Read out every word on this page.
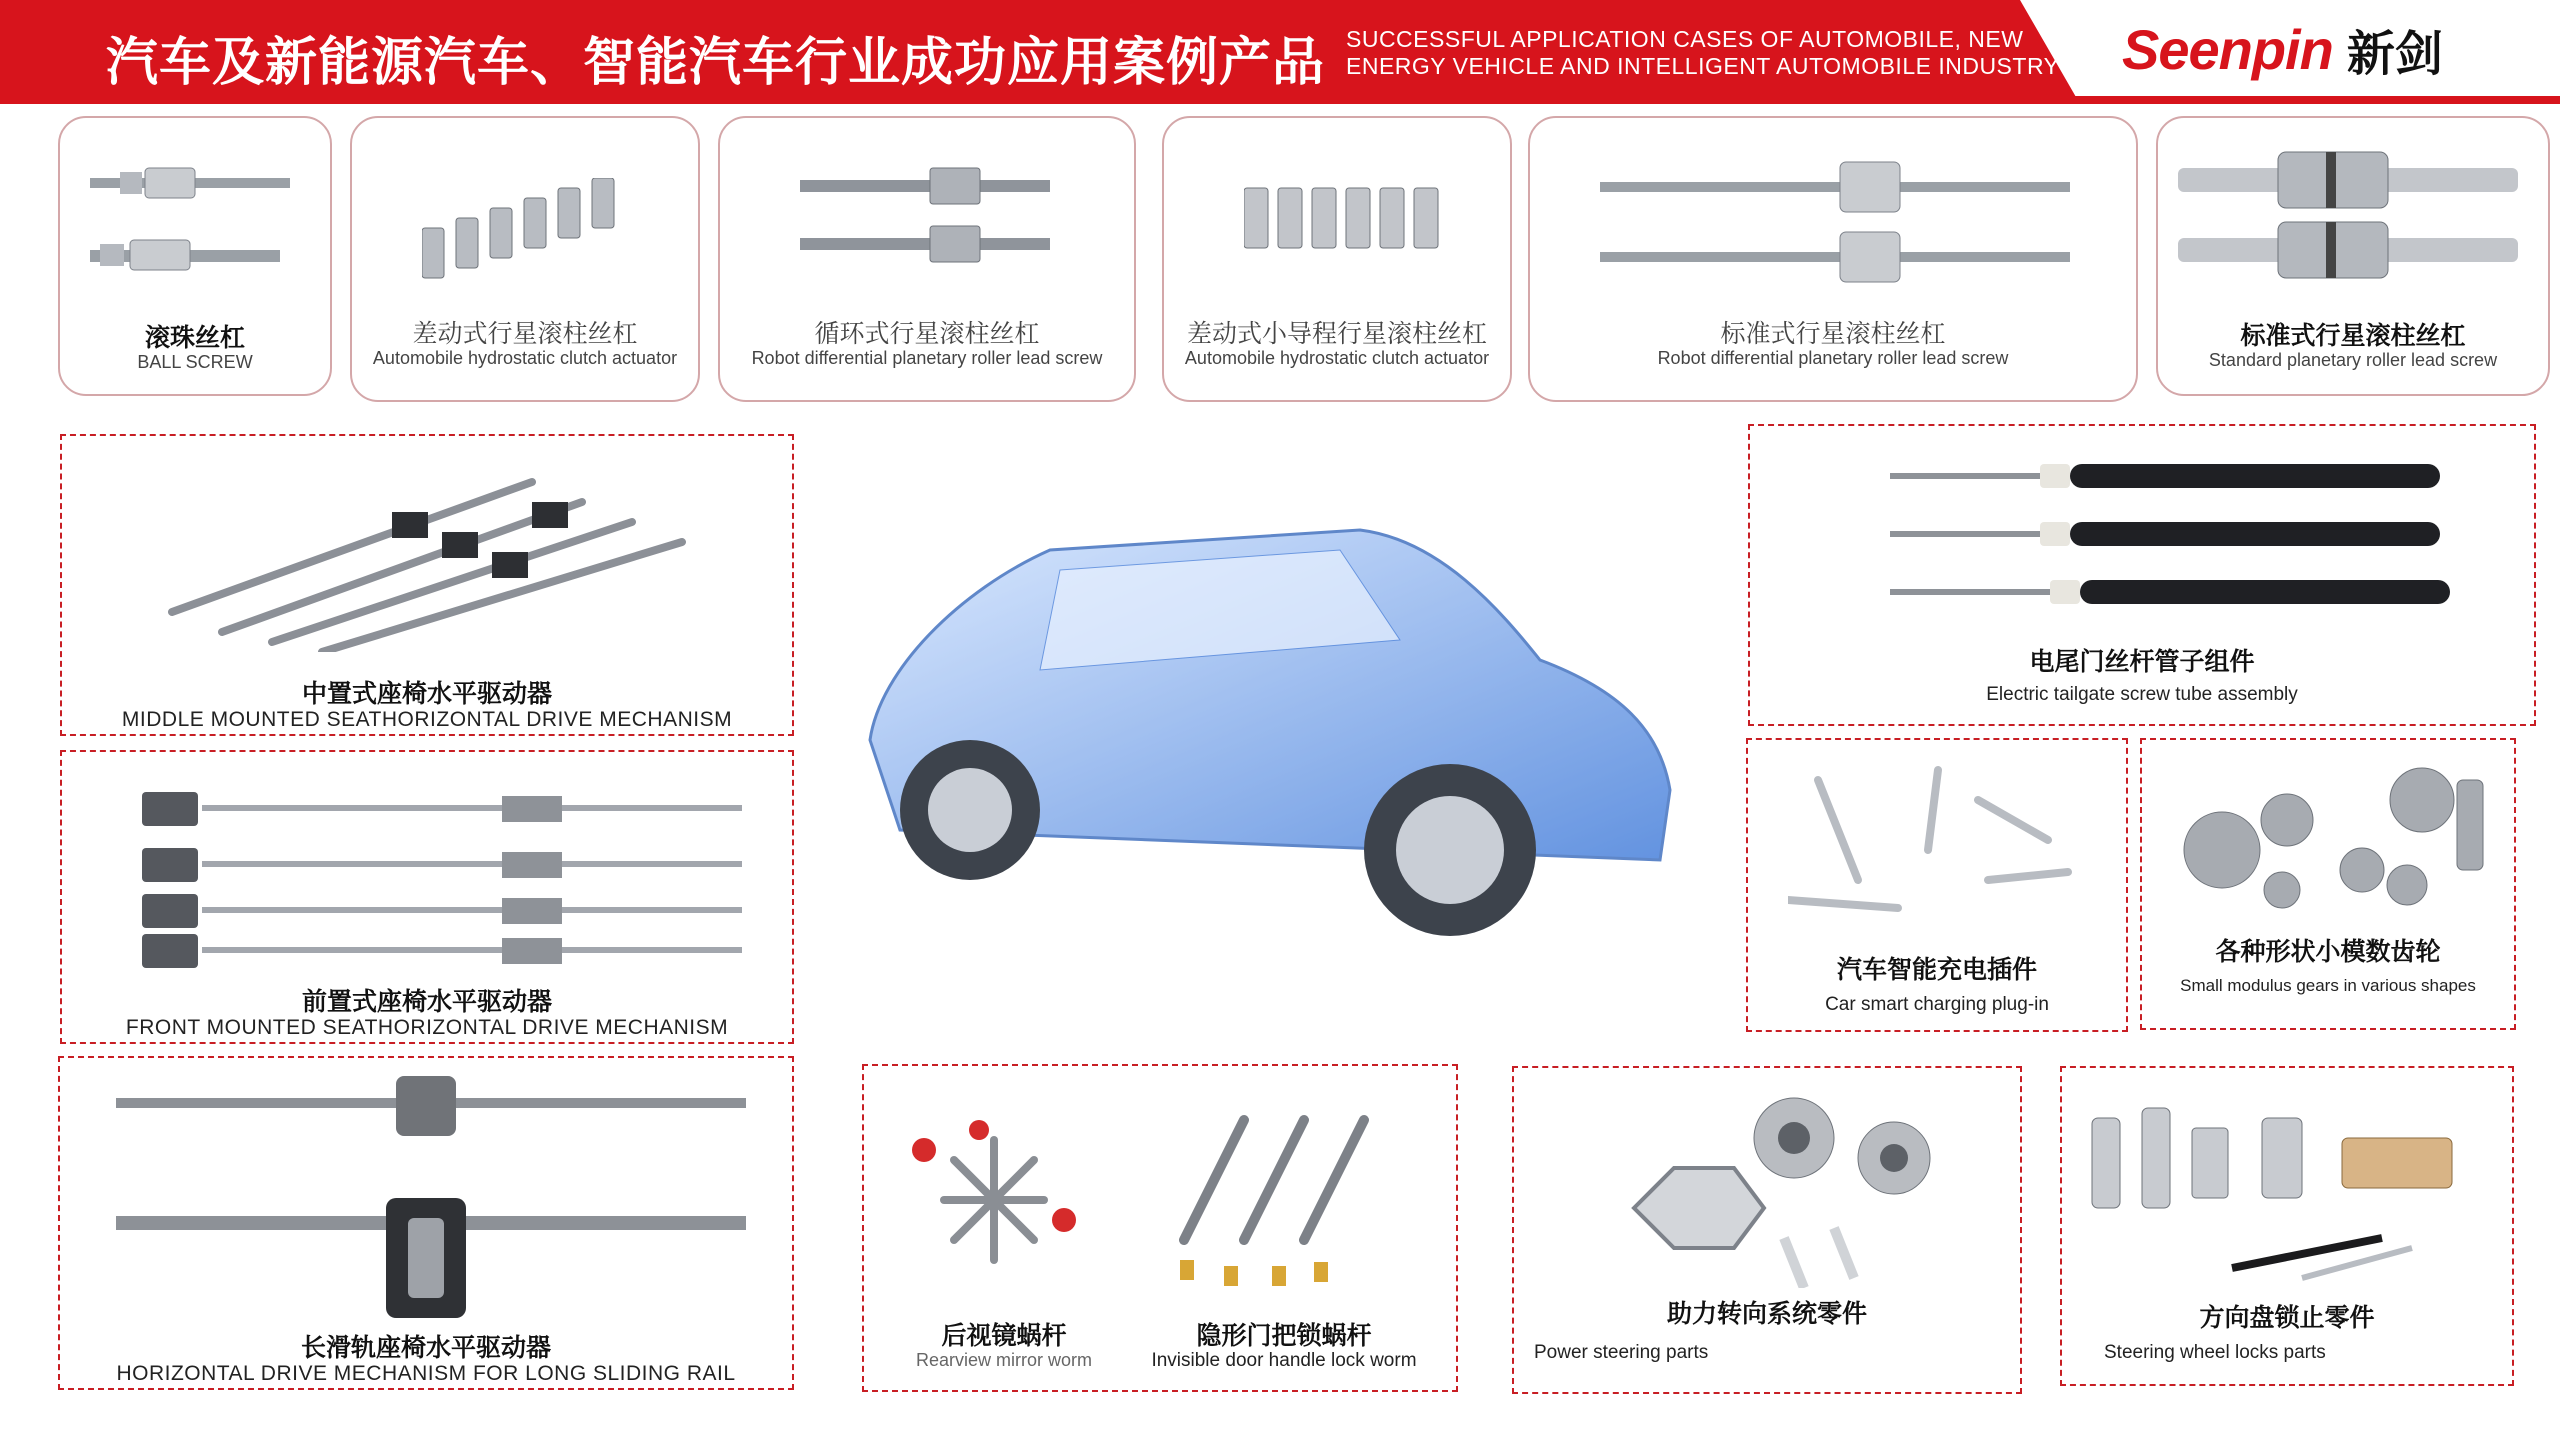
汽车及新能源汽车、智能汽车行业成功应用案例产品 SUCCESSFUL APPLICATION CASES OF AUTOMOBILE, NEW
ENERGY VEHICLE AND INTELLIGENT AUTOMOBILE INDUSTRY Seenpin 新剑
滚珠丝杠
BALL SCREW
差动式行星滚柱丝杠
Automobile hydrostatic clutch actuator
循环式行星滚柱丝杠
Robot differential planetary roller lead screw
差动式小导程行星滚柱丝杠
Automobile hydrostatic clutch actuator
标准式行星滚柱丝杠
Robot differential planetary roller lead screw
标准式行星滚柱丝杠
Standard planetary roller lead screw
中置式座椅水平驱动器
MIDDLE MOUNTED SEATHORIZONTAL DRIVE MECHANISM
前置式座椅水平驱动器
FRONT MOUNTED SEATHORIZONTAL DRIVE MECHANISM
长滑轨座椅水平驱动器
HORIZONTAL DRIVE MECHANISM FOR LONG SLIDING RAIL
电尾门丝杆管子组件
Electric tailgate screw tube assembly
汽车智能充电插件
Car smart charging plug-in
各种形状小模数齿轮
Small modulus gears in various shapes
后视镜蜗杆
Rearview mirror worm
隐形门把锁蜗杆
Invisible door handle lock worm
助力转向系统零件
Power steering parts
方向盘锁止零件
Steering wheel locks parts
